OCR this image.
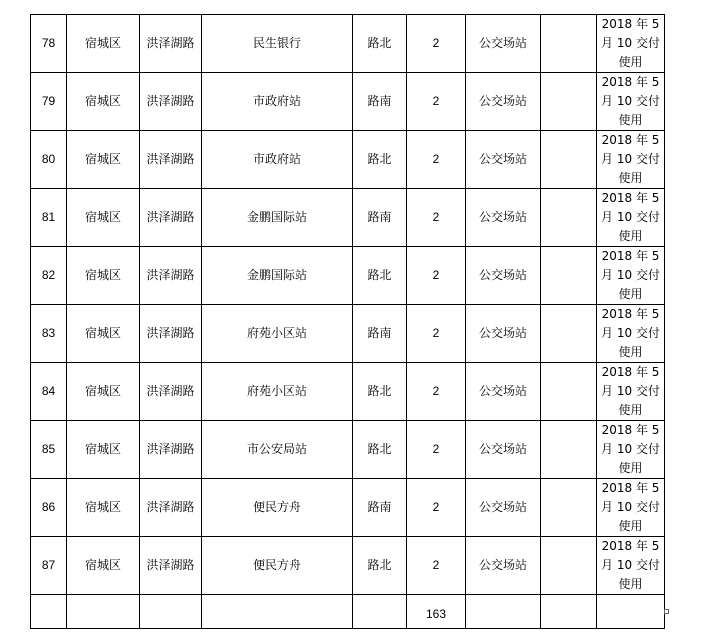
78	宿城区	洪泽湖路	民生银行	路北	2	公交场站		2018 年 5
月 10 交付
使用

79	宿城区	洪泽湖路	市政府站	路南	2	公交场站		2018 年 5
月 10 交付
使用

80	宿城区	洪泽湖路	市政府站	路北	2	公交场站		2018 年 5
月 10 交付
使用

81	宿城区	洪泽湖路	金鹏国际站	路南	2	公交场站		2018 年 5
月 10 交付
使用

82	宿城区	洪泽湖路	金鹏国际站	路北	2	公交场站		2018 年 5
月 10 交付
使用

83	宿城区	洪泽湖路	府苑小区站	路南	2	公交场站		2018 年 5
月 10 交付
使用

84	宿城区	洪泽湖路	府苑小区站	路北	2	公交场站		2018 年 5
月 10 交付
使用

85	宿城区	洪泽湖路	市公安局站	路北	2	公交场站		2018 年 5
月 10 交付
使用

86	宿城区	洪泽湖路	便民方舟	路南	2	公交场站		2018 年 5
月 10 交付
使用

87	宿城区	洪泽湖路	便民方舟	路北	2	公交场站		2018 年 5
月 10 交付
使用

					163			
